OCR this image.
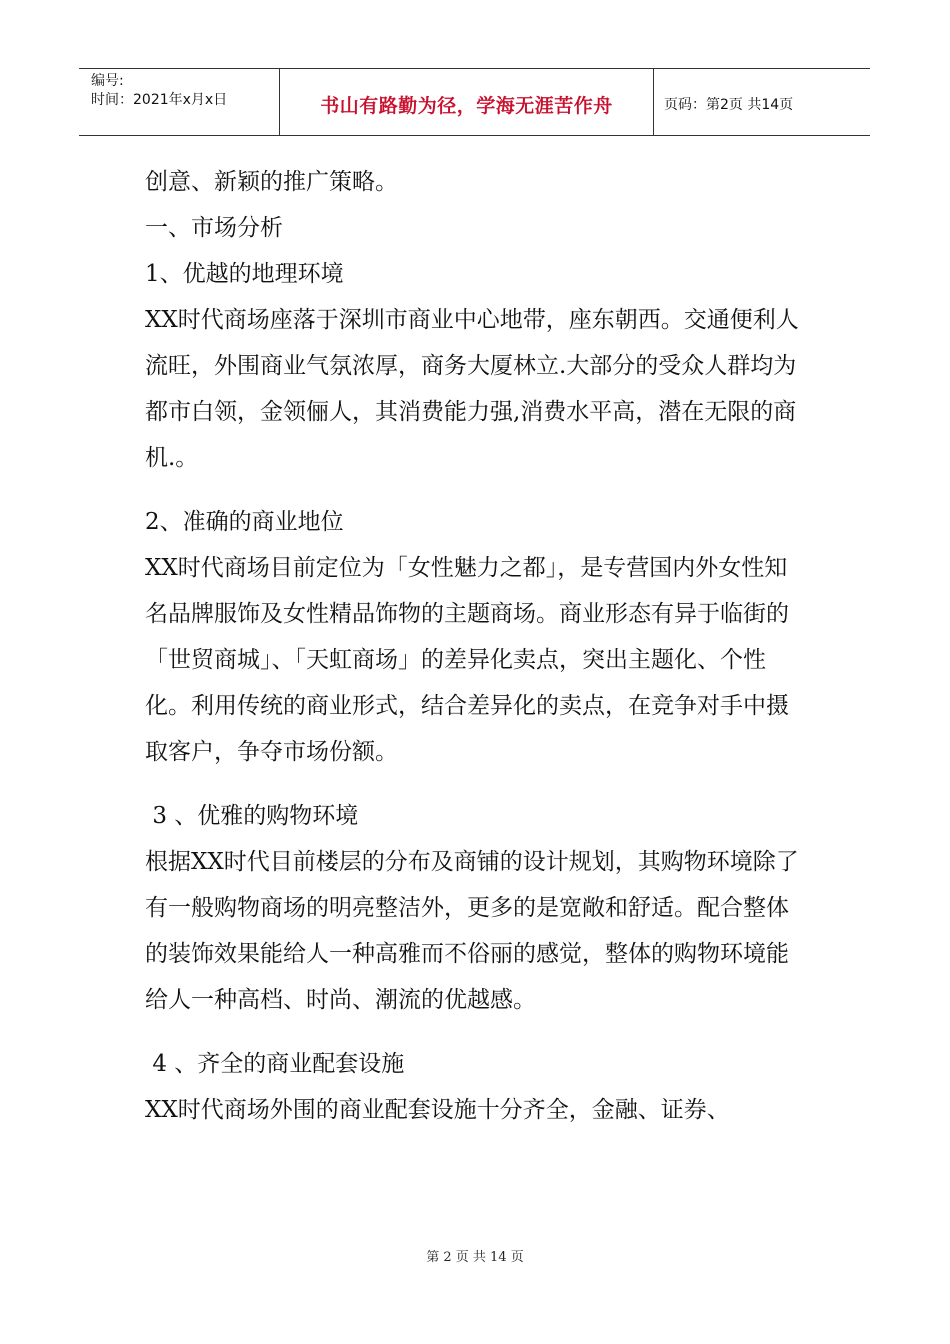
编号:
时间：2021年x月x日	书山有路勤为径，学海无涯苦作舟	页码：第2页 共14页

创意、新颖的推广策略。

一、市场分析

1、优越的地理环境

XX时代商场座落于深圳市商业中心地带，座东朝西。交通便利人流旺，外围商业气氛浓厚，商务大厦林立.大部分的受众人群均为都市白领，金领俪人，其消费能力强,消费水平高，潜在无限的商机.。

2、准确的商业地位

XX时代商场目前定位为「女性魅力之都」，是专营国内外女性知名品牌服饰及女性精品饰物的主题商场。商业形态有异于临街的「世贸商城」、「天虹商场」的差异化卖点，突出主题化、个性化。利用传统的商业形式，结合差异化的卖点，在竞争对手中摄取客户，争夺市场份额。

3 、优雅的购物环境

根据XX时代目前楼层的分布及商铺的设计规划，其购物环境除了有一般购物商场的明亮整洁外，更多的是宽敞和舒适。配合整体的装饰效果能给人一种高雅而不俗丽的感觉，整体的购物环境能给人一种高档、时尚、潮流的优越感。

4 、齐全的商业配套设施

XX时代商场外围的商业配套设施十分齐全，金融、证券、

第 2 页 共 14 页
